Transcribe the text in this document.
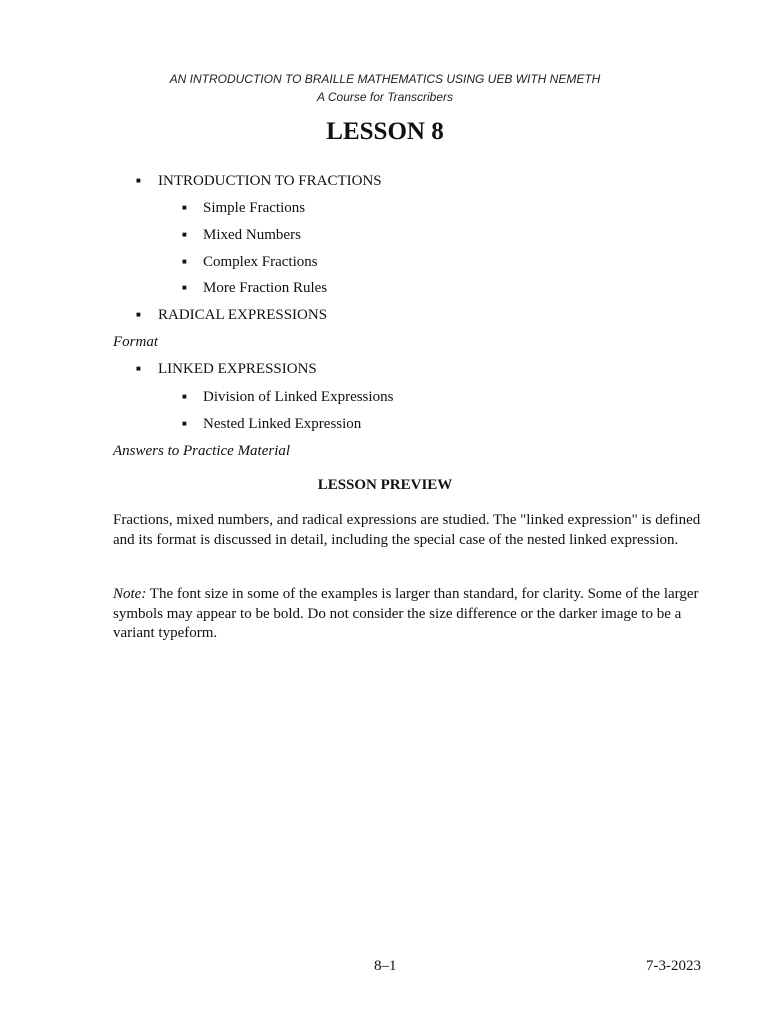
AN INTRODUCTION TO BRAILLE MATHEMATICS USING UEB WITH NEMETH
A Course for Transcribers
LESSON 8
■ INTRODUCTION TO FRACTIONS
■ Simple Fractions
■ Mixed Numbers
■ Complex Fractions
■ More Fraction Rules
■ RADICAL EXPRESSIONS
Format
■ LINKED EXPRESSIONS
■ Division of Linked Expressions
■ Nested Linked Expression
Answers to Practice Material
LESSON PREVIEW

Fractions, mixed numbers, and radical expressions are studied. The "linked expression" is defined and its format is discussed in detail, including the special case of the nested linked expression.

Note: The font size in some of the examples is larger than standard, for clarity. Some of the larger symbols may appear to be bold. Do not consider the size difference or the darker image to be a variant typeform.

8–1	7-3-2023
